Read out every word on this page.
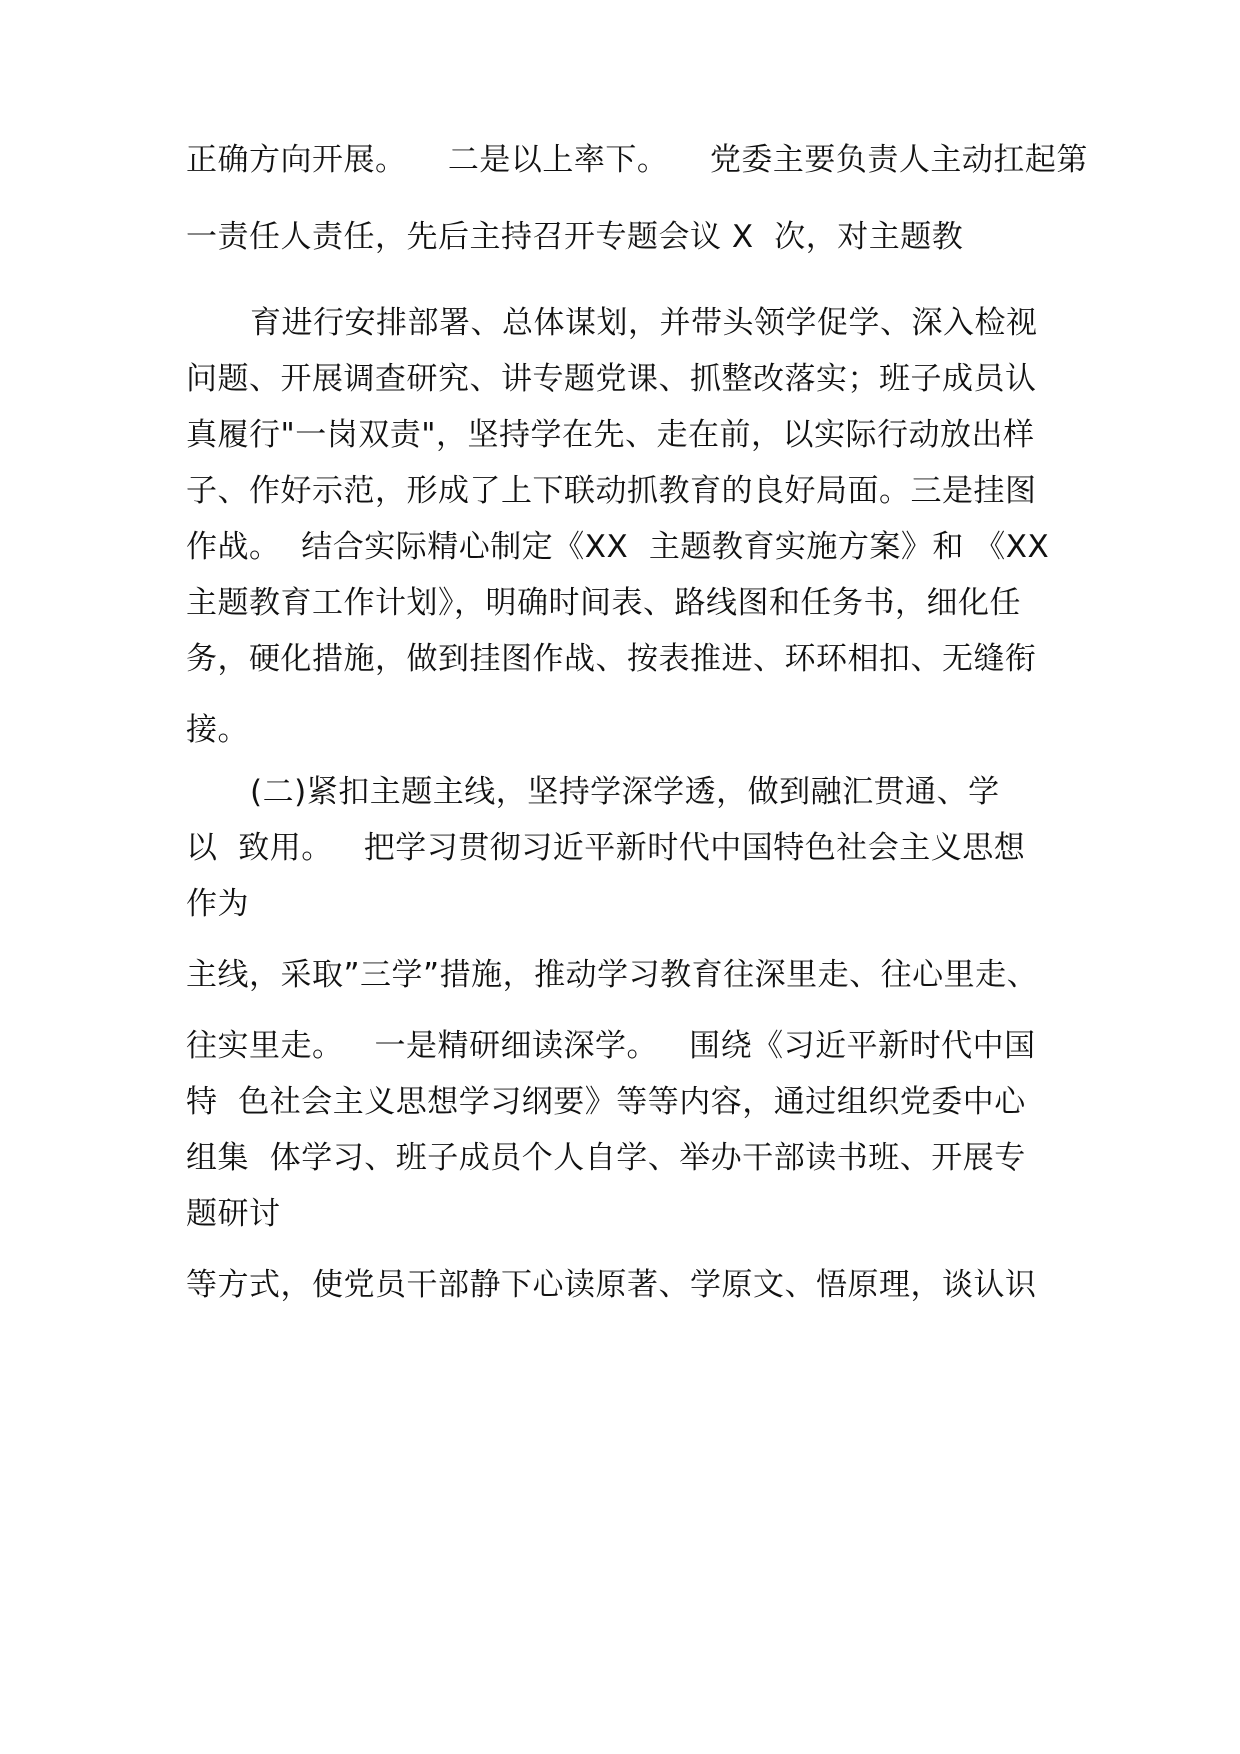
正确方向开展。    二是以上率下。    党委主要负责人主动扛起第
一责任人责任，先后主持召开专题会议 X  次，对主题教
育进行安排部署、总体谋划，并带头领学促学、深入检视
问题、开展调查研究、讲专题党课、抓整改落实；班子成员认
真履行"一岗双责"，坚持学在先、走在前，以实际行动放出样
子、作好示范，形成了上下联动抓教育的良好局面。三是挂图
作战。  结合实际精心制定《XX  主题教育实施方案》和 《XX
主题教育工作计划》，明确时间表、路线图和任务书，细化任
务，硬化措施，做到挂图作战、按表推进、环环相扣、无缝衔
接。
(二)紧扣主题主线，坚持学深学透，做到融汇贯通、学
以  致用。   把学习贯彻习近平新时代中国特色社会主义思想
作为
主线，采取”三学”措施，推动学习教育往深里走、往心里走、
往实里走。   一是精研细读深学。   围绕《习近平新时代中国
特  色社会主义思想学习纲要》等等内容，通过组织党委中心
组集  体学习、班子成员个人自学、举办干部读书班、开展专
题研讨
等方式，使党员干部静下心读原著、学原文、悟原理，谈认识
